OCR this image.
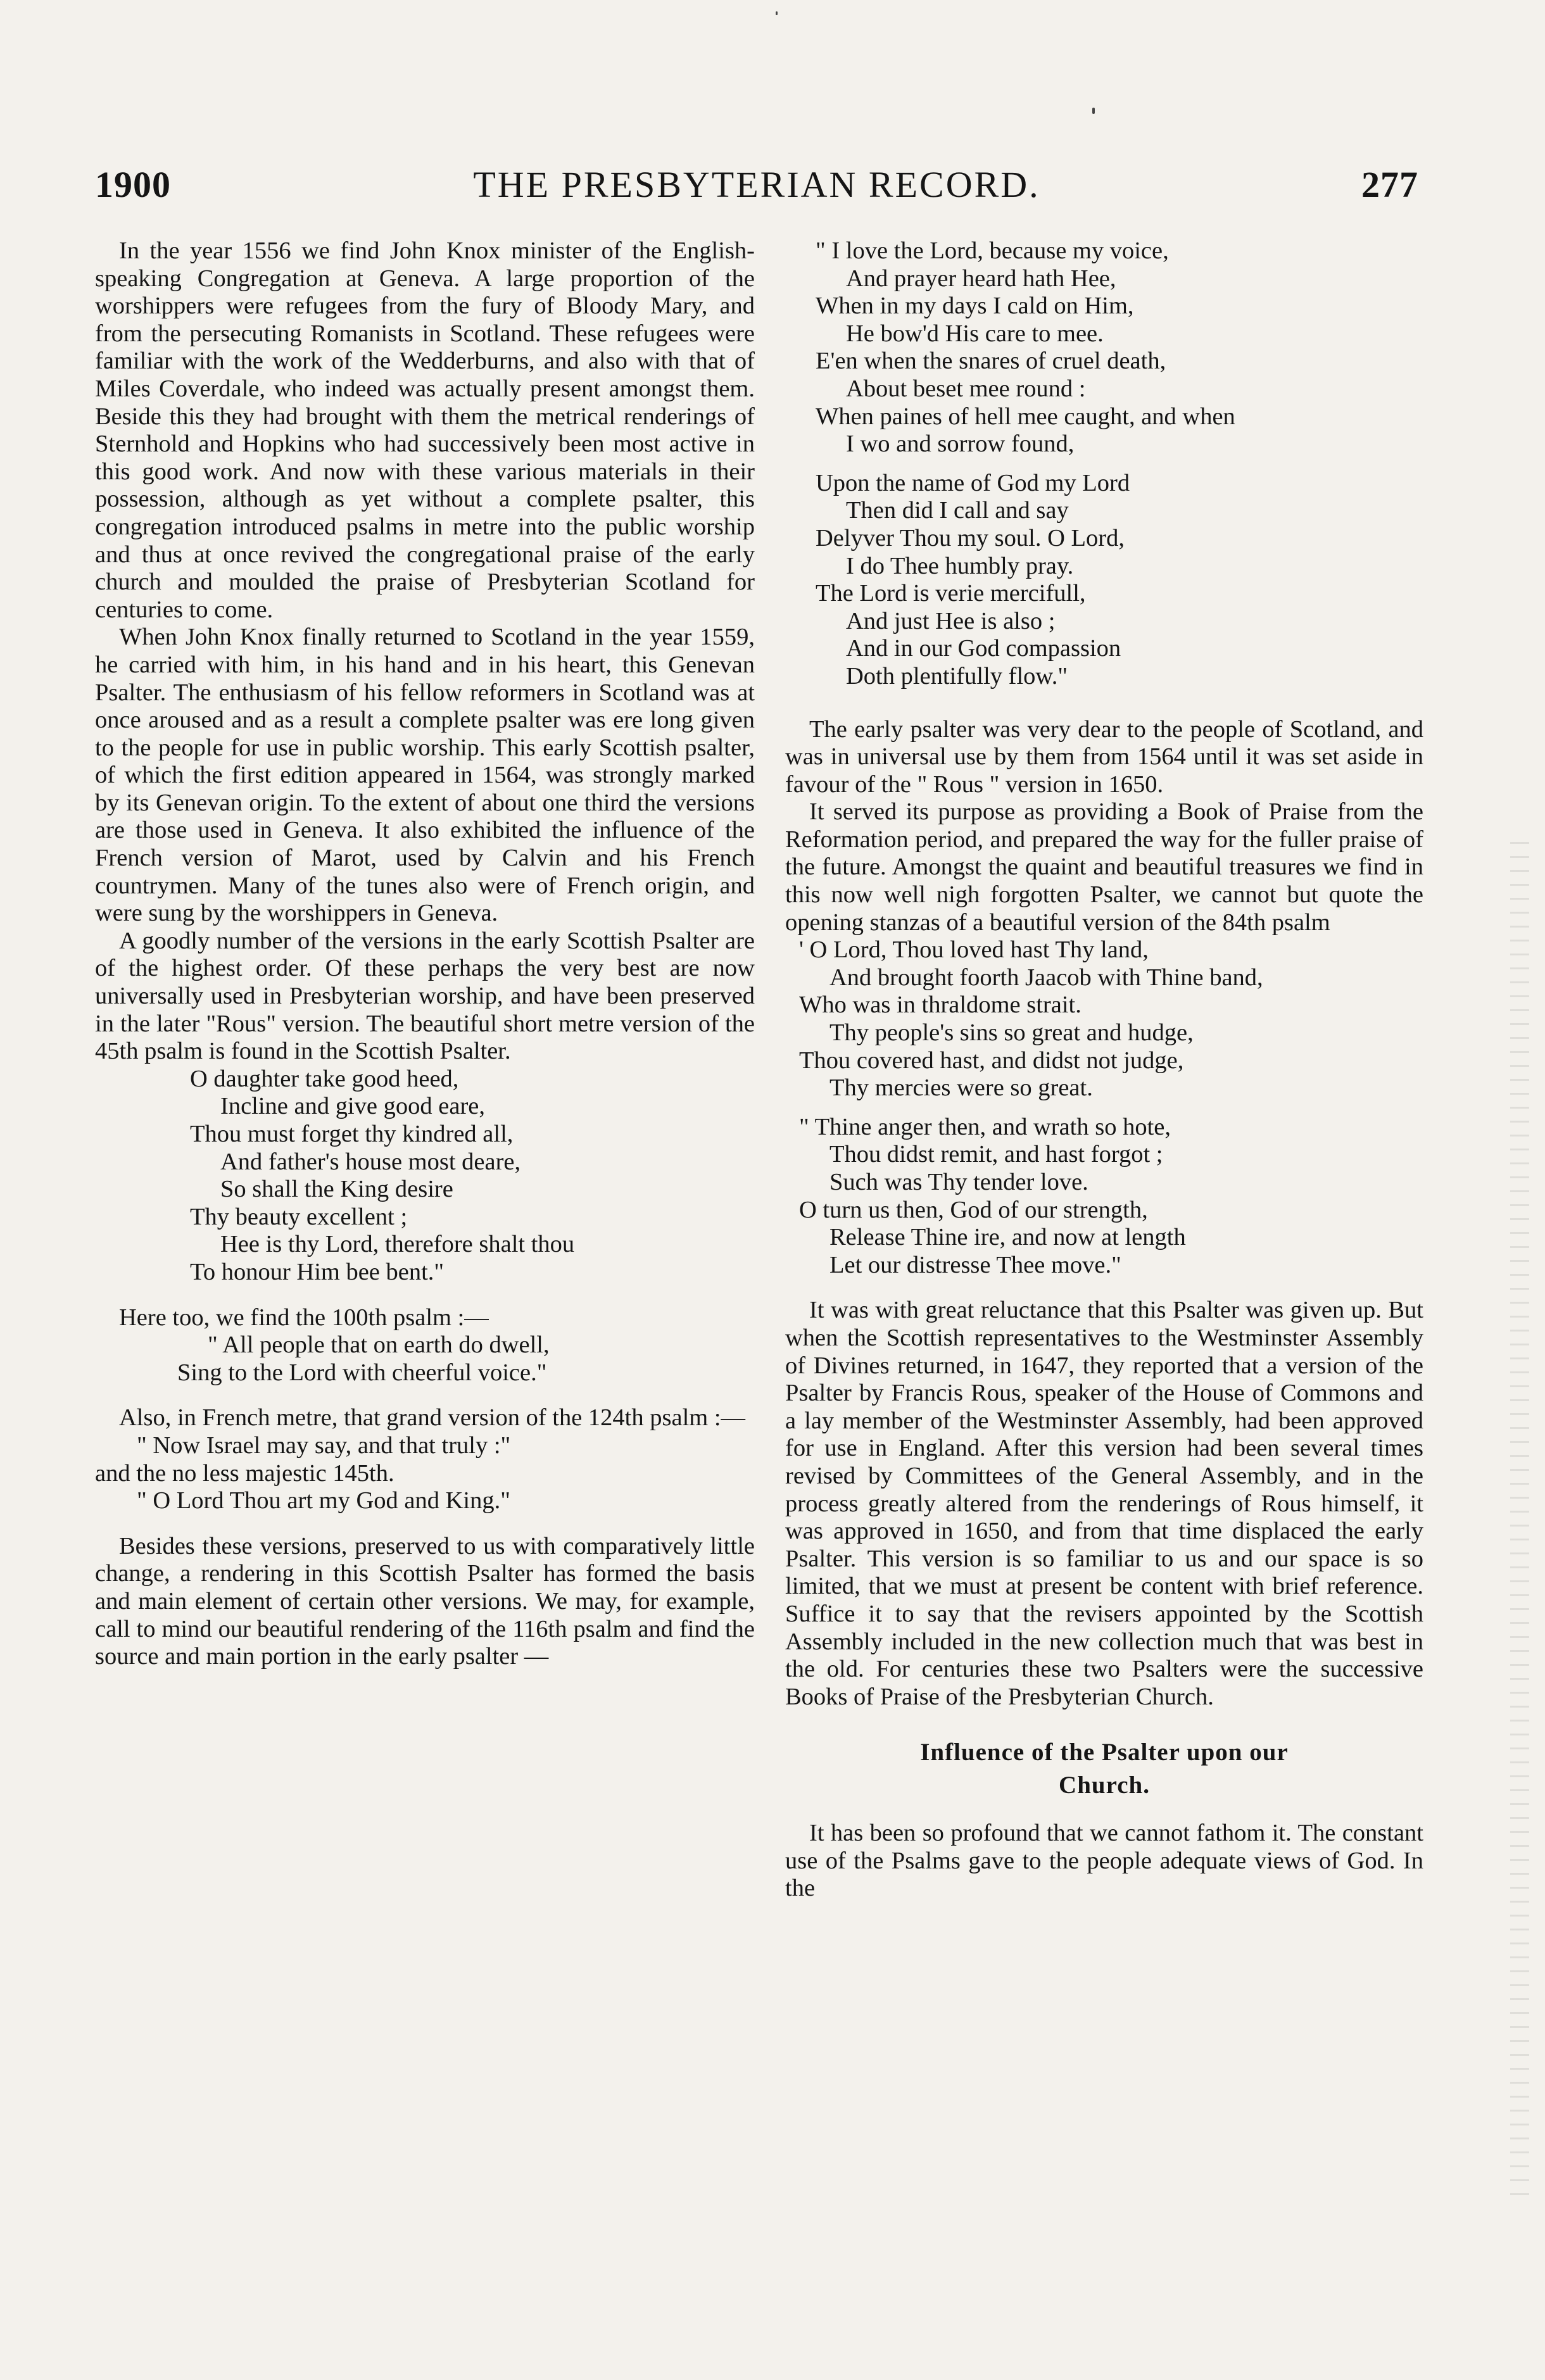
1900	THE PRESBYTERIAN RECORD.	277

In the year 1556 we find John Knox minister of the English-speaking Congregation at Geneva. A large proportion of the worshippers were refugees from the fury of Bloody Mary, and from the persecuting Romanists in Scotland. These refugees were familiar with the work of the Wedderburns, and also with that of Miles Coverdale, who indeed was actually present amongst them. Beside this they had brought with them the metrical renderings of Sternhold and Hopkins who had successively been most active in this good work. And now with these various materials in their possession, although as yet without a complete psalter, this congregation introduced psalms in metre into the public worship and thus at once revived the congregational praise of the early church and moulded the praise of Presbyterian Scotland for centuries to come.

When John Knox finally returned to Scotland in the year 1559, he carried with him, in his hand and in his heart, this Genevan Psalter. The enthusiasm of his fellow reformers in Scotland was at once aroused and as a result a complete psalter was ere long given to the people for use in public worship. This early Scottish psalter, of which the first edition appeared in 1564, was strongly marked by its Genevan origin. To the extent of about one third the versions are those used in Geneva. It also exhibited the influence of the French version of Marot, used by Calvin and his French countrymen. Many of the tunes also were of French origin, and were sung by the worshippers in Geneva.

A goodly number of the versions in the early Scottish Psalter are of the highest order. Of these perhaps the very best are now universally used in Presbyterian worship, and have been preserved in the later "Rous" version. The beautiful short metre version of the 45th psalm is found in the Scottish Psalter.

O daughter take good heed,
Incline and give good eare,
Thou must forget thy kindred all,
And father's house most deare,
So shall the King desire
Thy beauty excellent ;
Hee is thy Lord, therefore shalt thou
To honour Him bee bent."

Here too, we find the 100th psalm :—

" All people that on earth do dwell,
Sing to the Lord with cheerful voice."

Also, in French metre, that grand version of the 124th psalm :—

" Now Israel may say, and that truly :"

and the no less majestic 145th.

" O Lord Thou art my God and King."

Besides these versions, preserved to us with comparatively little change, a rendering in this Scottish Psalter has formed the basis and main element of certain other versions. We may, for example, call to mind our beautiful rendering of the 116th psalm and find the source and main portion in the early psalter —

" I love the Lord, because my voice,
And prayer heard hath Hee,
When in my days I cald on Him,
He bow'd His care to mee.
E'en when the snares of cruel death,
About beset mee round :
When paines of hell mee caught, and when
I wo and sorrow found,
Upon the name of God my Lord
Then did I call and say
Delyver Thou my soul. O Lord,
I do Thee humbly pray.
The Lord is verie mercifull,
And just Hee is also ;
And in our God compassion
Doth plentifully flow."

The early psalter was very dear to the people of Scotland, and was in universal use by them from 1564 until it was set aside in favour of the " Rous " version in 1650.

It served its purpose as providing a Book of Praise from the Reformation period, and prepared the way for the fuller praise of the future. Amongst the quaint and beautiful treasures we find in this now well nigh forgotten Psalter, we cannot but quote the opening stanzas of a beautiful version of the 84th psalm

' O Lord, Thou loved hast Thy land,
And brought foorth Jaacob with Thine band,
Who was in thraldome strait.
Thy people's sins so great and hudge,
Thou covered hast, and didst not judge,
Thy mercies were so great.
" Thine anger then, and wrath so hote,
Thou didst remit, and hast forgot ;
Such was Thy tender love.
O turn us then, God of our strength,
Release Thine ire, and now at length
Let our distresse Thee move."

It was with great reluctance that this Psalter was given up. But when the Scottish representatives to the Westminster Assembly of Divines returned, in 1647, they reported that a version of the Psalter by Francis Rous, speaker of the House of Commons and a lay member of the Westminster Assembly, had been approved for use in England. After this version had been several times revised by Committees of the General Assembly, and in the process greatly altered from the renderings of Rous himself, it was approved in 1650, and from that time displaced the early Psalter. This version is so familiar to us and our space is so limited, that we must at present be content with brief reference. Suffice it to say that the revisers appointed by the Scottish Assembly included in the new collection much that was best in the old. For centuries these two Psalters were the successive Books of Praise of the Presbyterian Church.

Influence of the Psalter upon our

Church.

It has been so profound that we cannot fathom it. The constant use of the Psalms gave to the people adequate views of God. In the
